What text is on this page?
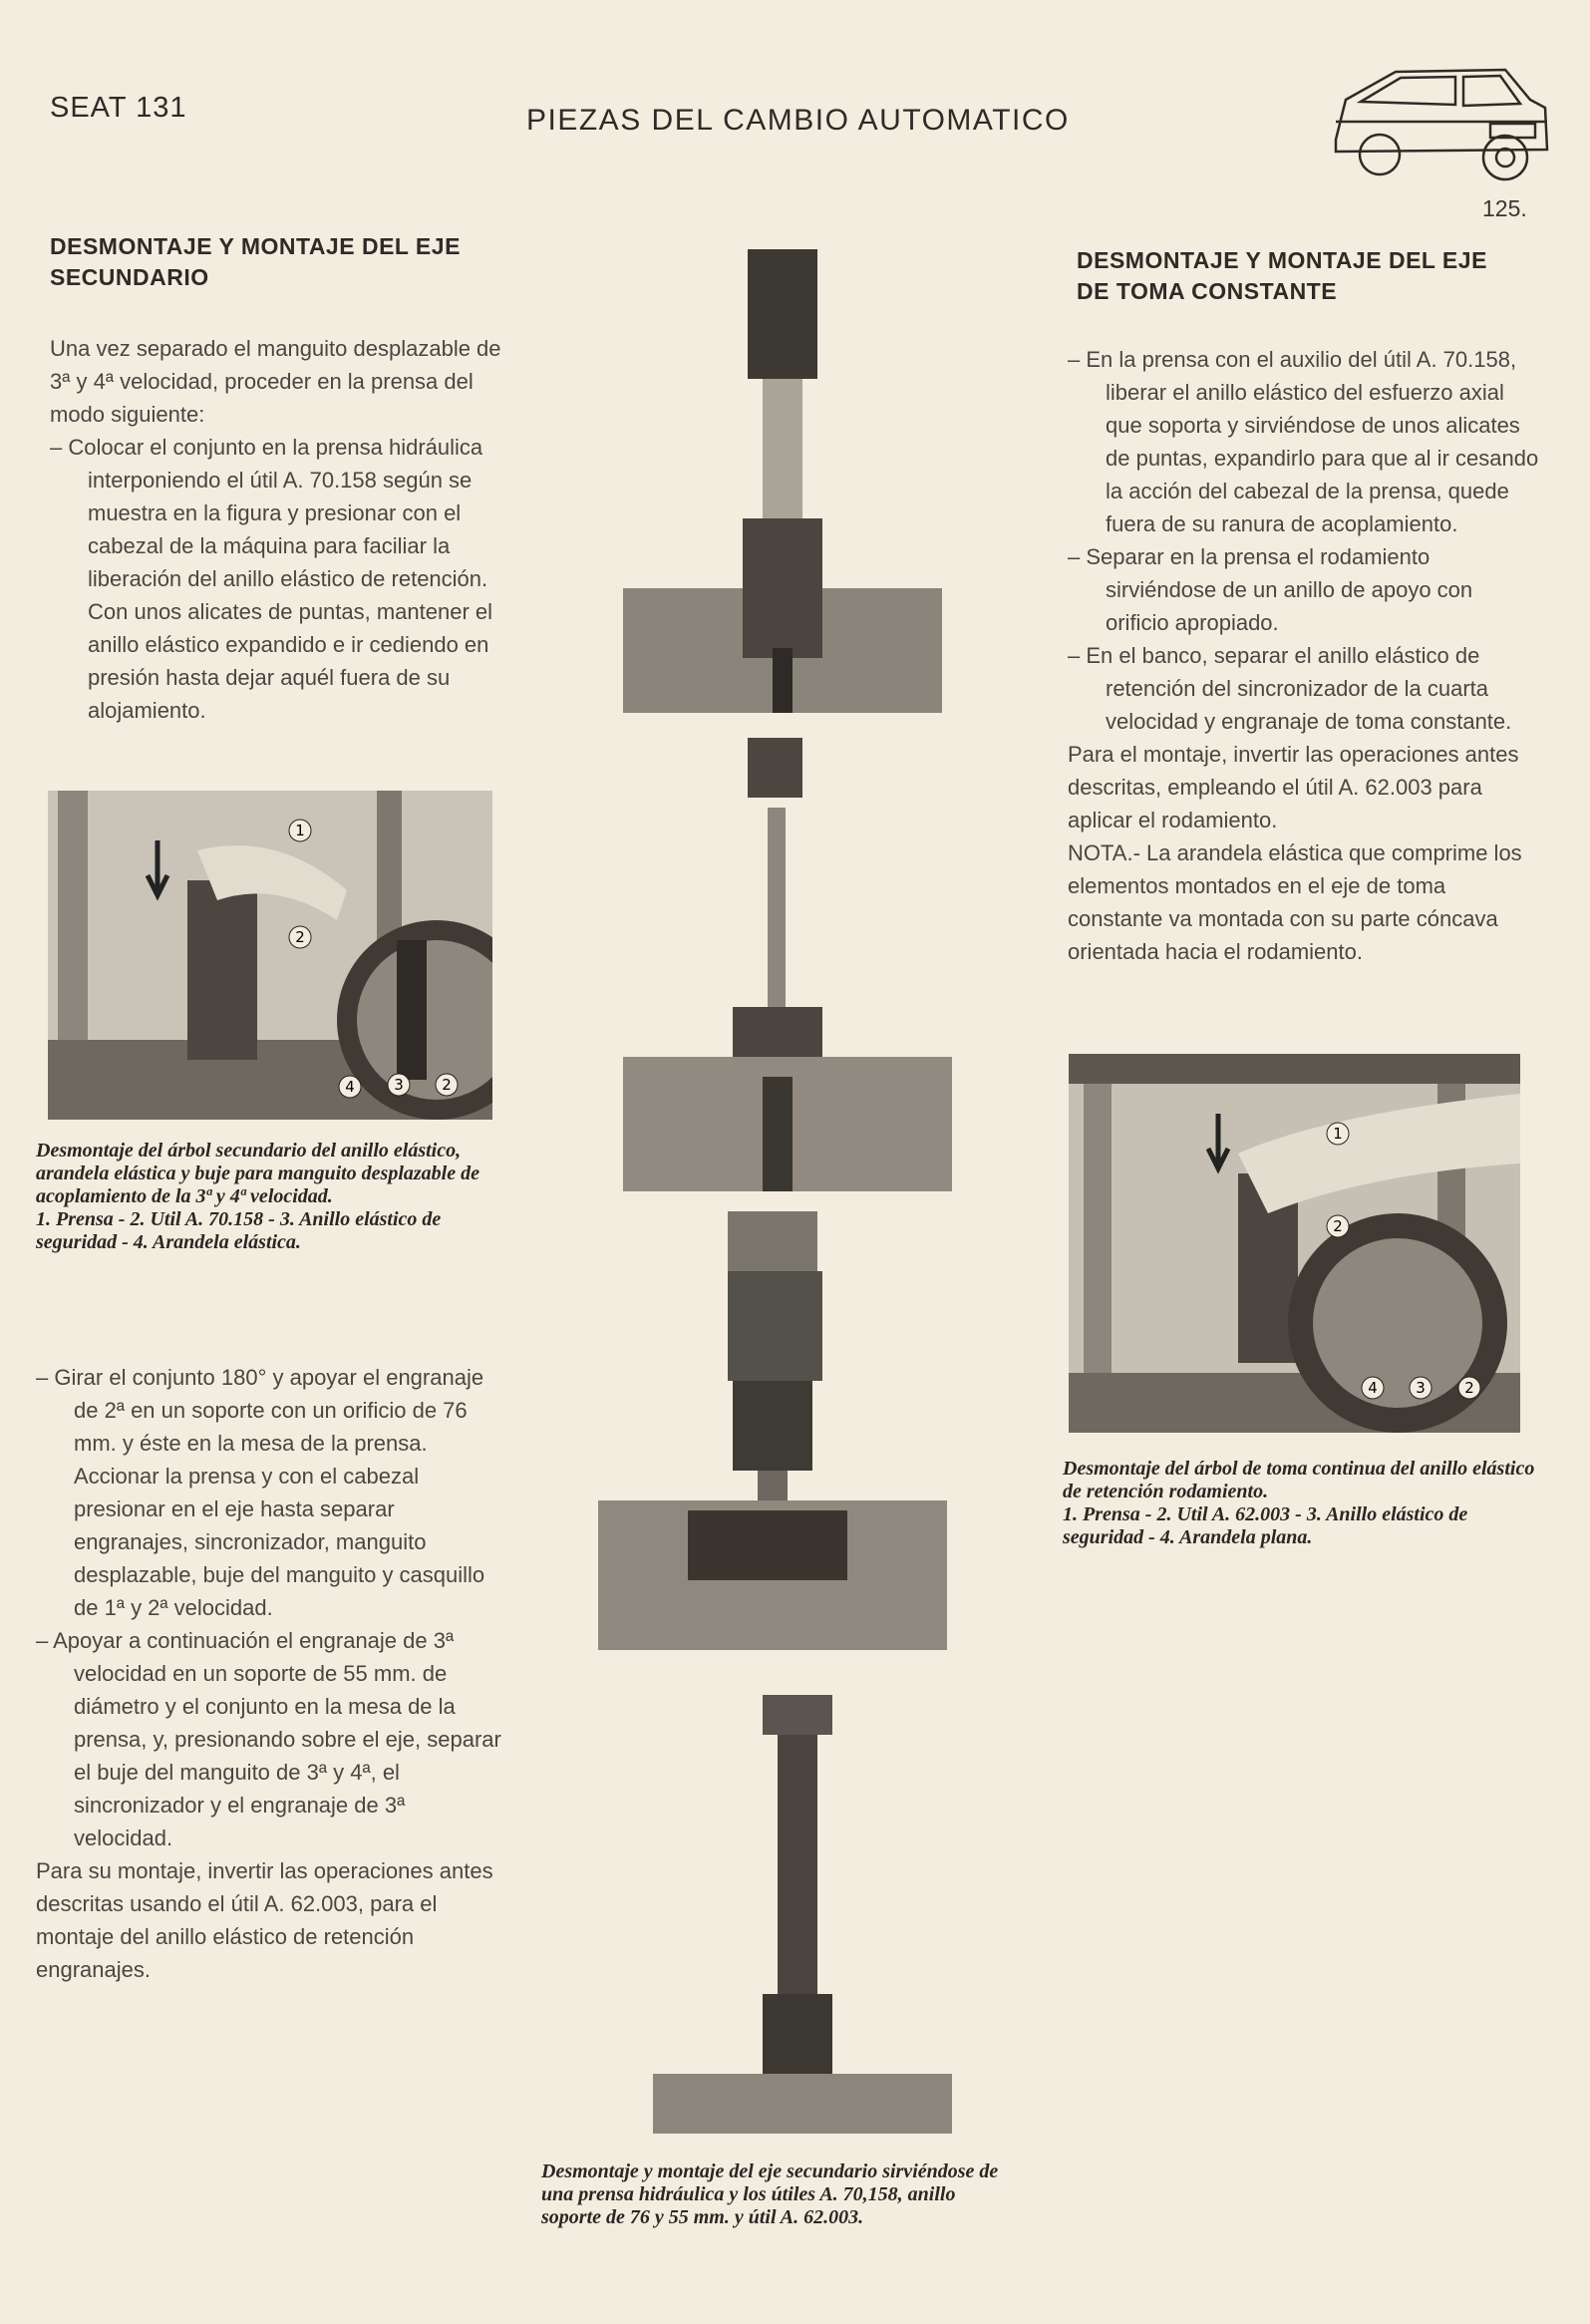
SEAT 131	PIEZAS DEL CAMBIO AUTOMATICO
125.
DESMONTAJE Y MONTAJE DEL EJE
SECUNDARIO

Una vez separado el manguito desplazable de 3ª y 4ª velocidad, proceder en la prensa del modo siguiente:

– Colocar el conjunto en la prensa hidráulica interponiendo el útil A. 70.158 según se muestra en la figura y presionar con el cabezal de la máquina para faciliar la liberación del anillo elástico de retención. Con unos alicates de puntas, mantener el anillo elástico expandido e ir cediendo en presión hasta dejar aquél fuera de su alojamiento.

1
2
3
4	2

Desmontaje del árbol secundario del anillo elástico, arandela elástica y buje para manguito desplazable de acoplamiento de la 3ª y 4ª velocidad.

1. Prensa - 2. Util A. 70.158 - 3. Anillo elástico de seguridad - 4. Arandela elástica.

– Girar el conjunto 180° y apoyar el engranaje de 2ª en un soporte con un orificio de 76 mm. y éste en la mesa de la prensa. Accionar la prensa y con el cabezal presionar en el eje hasta separar engranajes, sincronizador, manguito desplazable, buje del manguito y casquillo de 1ª y 2ª velocidad.

– Apoyar a continuación el engranaje de 3ª velocidad en un soporte de 55 mm. de diámetro y el conjunto en la mesa de la prensa, y, presionando sobre el eje, separar el buje del manguito de 3ª y 4ª, el sincronizador y el engranaje de 3ª velocidad.

Para su montaje, invertir las operaciones antes descritas usando el útil A. 62.003, para el montaje del anillo elástico de retención engranajes.

Desmontaje y montaje del eje secundario sirviéndose de una prensa hidráulica y los útiles A. 70,158, anillo soporte de 76 y 55 mm. y útil A. 62.003.

DESMONTAJE Y MONTAJE DEL EJE
DE TOMA CONSTANTE

– En la prensa con el auxilio del útil A. 70.158, liberar el anillo elástico del esfuerzo axial que soporta y sirviéndose de unos alicates de puntas, expandirlo para que al ir cesando la acción del cabezal de la prensa, quede fuera de su ranura de acoplamiento.

– Separar en la prensa el rodamiento sirviéndose de un anillo de apoyo con orificio apropiado.

– En el banco, separar el anillo elástico de retención del sincronizador de la cuarta velocidad y engranaje de toma constante.

Para el montaje, invertir las operaciones antes descritas, empleando el útil A. 62.003 para aplicar el rodamiento.

NOTA.- La arandela elástica que comprime los elementos montados en el eje de toma constante va montada con su parte cóncava orientada hacia el rodamiento.

1
2
4	3	2

Desmontaje del árbol de toma continua del anillo elástico de retención rodamiento.

1. Prensa - 2. Util A. 62.003 - 3. Anillo elástico de seguridad - 4. Arandela plana.
